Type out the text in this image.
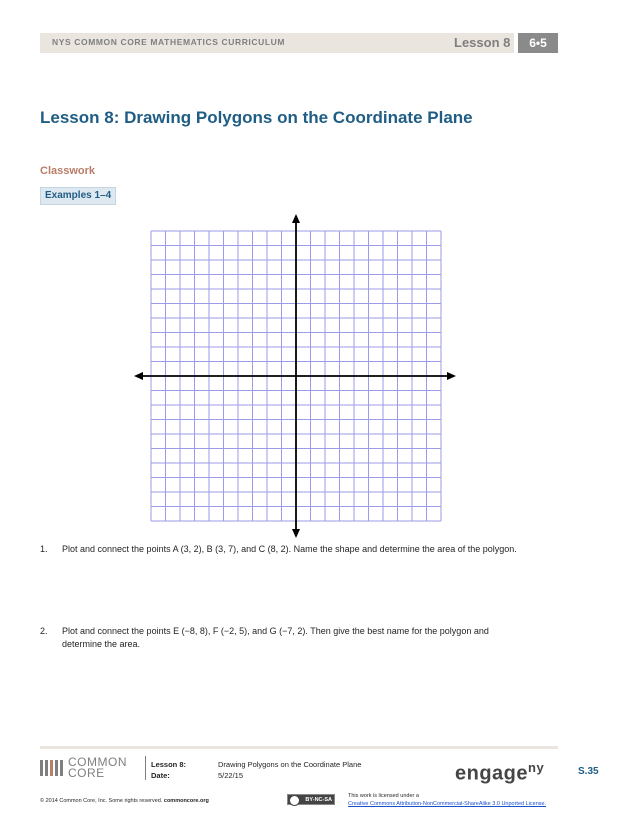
NYS COMMON CORE MATHEMATICS CURRICULUM	Lesson 8	6•5
Lesson 8: Drawing Polygons on the Coordinate Plane
Classwork
Examples 1–4
1. Plot and connect the points A (3, 2), B (3, 7), and C (8, 2). Name the shape and determine the area of the polygon.
2. Plot and connect the points E (−8, 8), F (−2, 5), and G (−7, 2). Then give the best name for the polygon and
determine the area.
COMMON
CORE
Lesson 8:	Drawing Polygons on the Coordinate Plane
Date:	5/22/15	engage$^{ny}$	S.35
© 2014 Common Core, Inc. Some rights reserved. commoncore.org	BY-NC-SA
This work is licensed under a
Creative Commons Attribution-NonCommercial-ShareAlike 3.0 Unported License.
